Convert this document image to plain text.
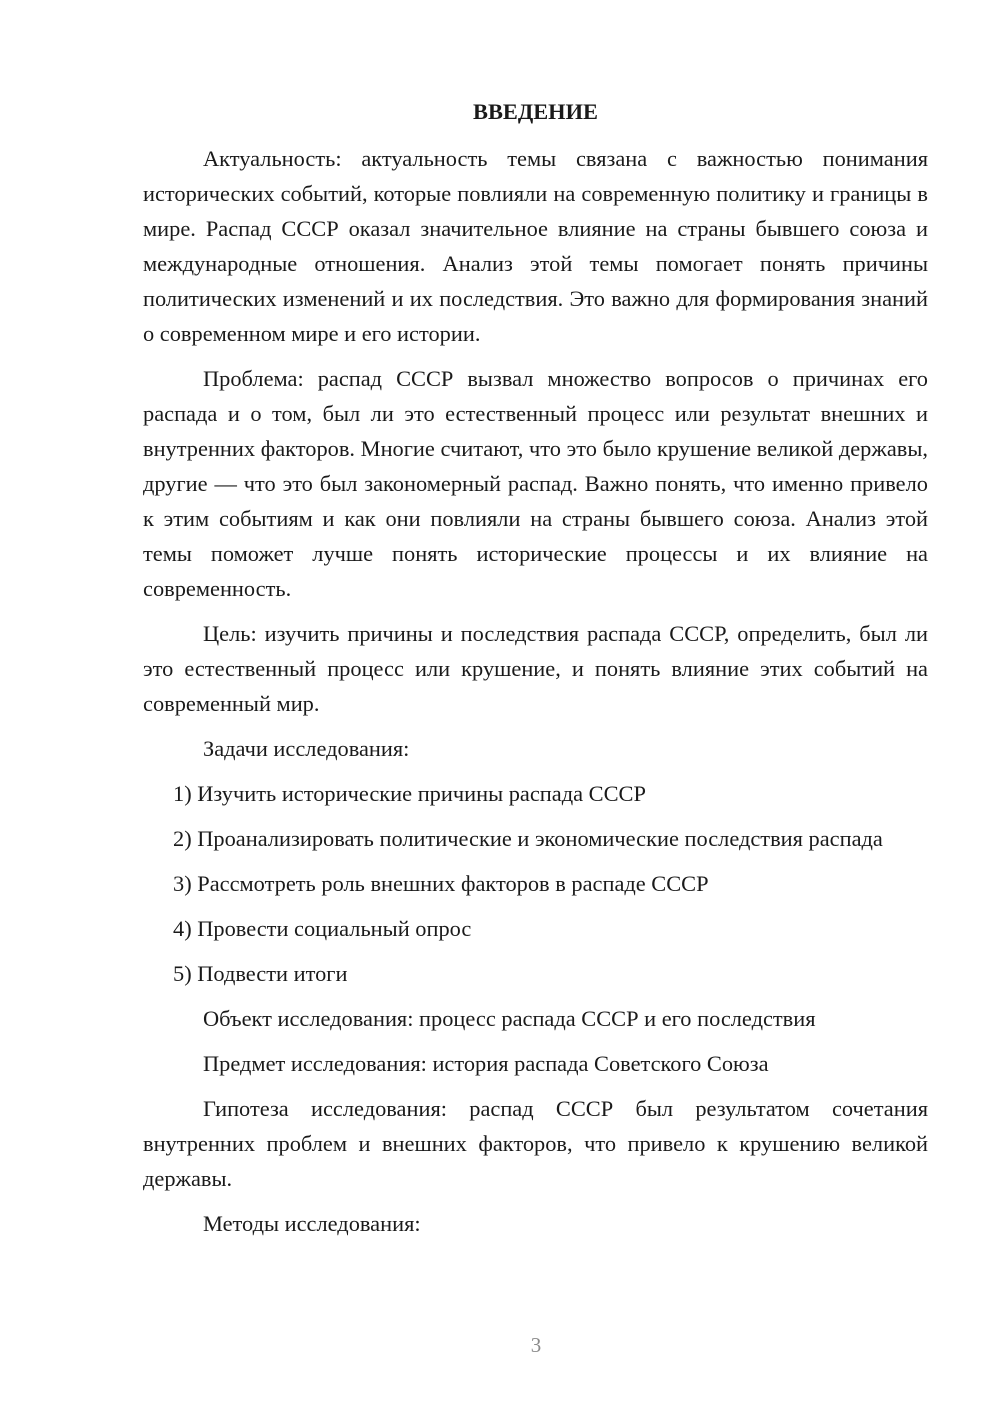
ВВЕДЕНИЕ

Актуальность: актуальность темы связана с важностью понимания исторических событий, которые повлияли на современную политику и границы в мире. Распад СССР оказал значительное влияние на страны бывшего союза и международные отношения. Анализ этой темы помогает понять причины политических изменений и их последствия. Это важно для формирования знаний о современном мире и его истории.

Проблема: распад СССР вызвал множество вопросов о причинах его распада и о том, был ли это естественный процесс или результат внешних и внутренних факторов. Многие считают, что это было крушение великой державы, другие — что это был закономерный распад. Важно понять, что именно привело к этим событиям и как они повлияли на страны бывшего союза. Анализ этой темы поможет лучше понять исторические процессы и их влияние на современность.

Цель: изучить причины и последствия распада СССР, определить, был ли это естественный процесс или крушение, и понять влияние этих событий на современный мир.

Задачи исследования:

1) Изучить исторические причины распада СССР

2) Проанализировать политические и экономические последствия распада

3) Рассмотреть роль внешних факторов в распаде СССР

4) Провести социальный опрос

5) Подвести итоги

Объект исследования: процесс распада СССР и его последствия

Предмет исследования: история распада Советского Союза

Гипотеза исследования: распад СССР был результатом сочетания внутренних проблем и внешних факторов, что привело к крушению великой державы.

Методы исследования:

3
